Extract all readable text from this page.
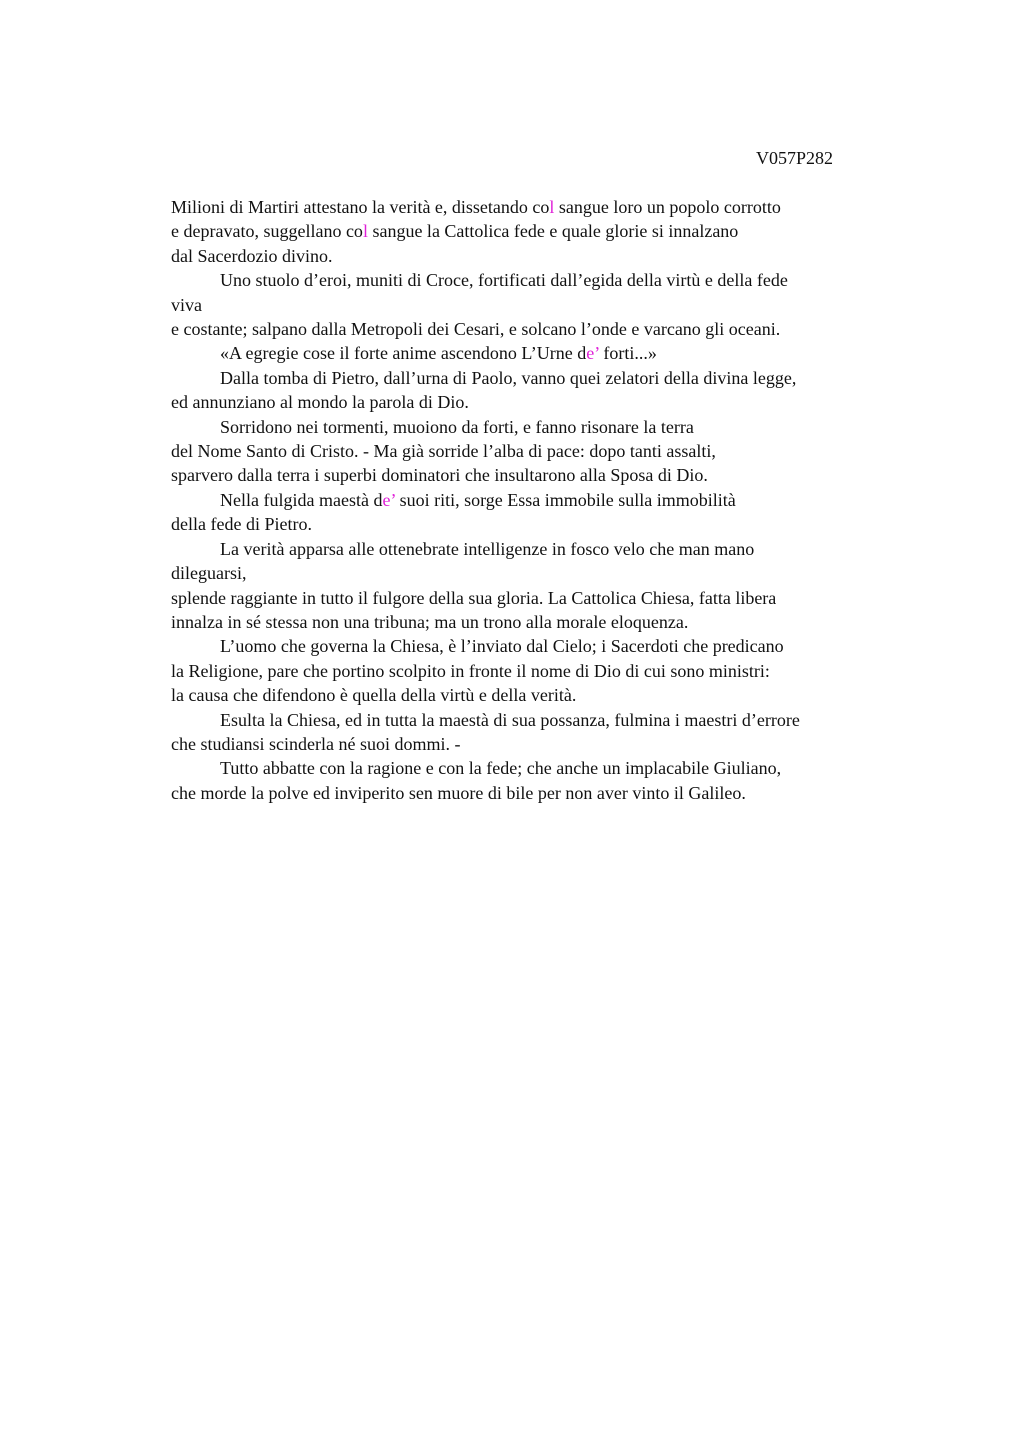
V057P282
Milioni di Martiri attestano la verità e, dissetando col sangue loro un popolo corrotto
e depravato, suggellano col sangue la Cattolica fede e quale glorie si innalzano
dal Sacerdozio divino.
Uno stuolo d’eroi, muniti di Croce, fortificati dall’egida della virtù e della fede
viva
e costante; salpano dalla Metropoli dei Cesari, e solcano l’onde e varcano gli oceani.
«A egregie cose il forte animе ascendono L’Urne de’ forti...»
Dalla tomba di Pietro, dall’urna di Paolo, vanno quei zelatori della divina legge,
ed annunziano al mondo la parola di Dio.
Sorridono nei tormenti, muoiono da forti, e fanno risonare la terra
del Nome Santo di Cristo. - Ma già sorride l’alba di pace: dopo tanti assalti,
sparvero dalla terra i superbi dominatori che insultarono alla Sposa di Dio.
Nella fulgida maestà de’ suoi riti, sorge Essa immobile sulla immobilità
della fede di Pietro.
La verità apparsa alle ottenebrate intelligenze in fosco velo che man mano
dileguarsi,
splende raggiante in tutto il fulgore della sua gloria. La Cattolica Chiesa, fatta libera
innalza in sé stessa non una tribuna; ma un trono alla morale eloquenza.
L’uomo che governa la Chiesa, è l’inviato dal Cielo; i Sacerdoti che predicano
la Religione, pare che portino scolpito in fronte il nome di Dio di cui sono ministri:
la causa che difendono è quella della virtù e della verità.
Esulta la Chiesa, ed in tutta la maestà di sua possanza, fulmina i maestri d’errore
che studiansi scinderla né suoi dommi. -
Tutto abbatte con la ragione e con la fede; che anche un implacabile Giuliano,
che morde la polve ed inviperito sen muore di bile per non aver vinto il Galileo.
